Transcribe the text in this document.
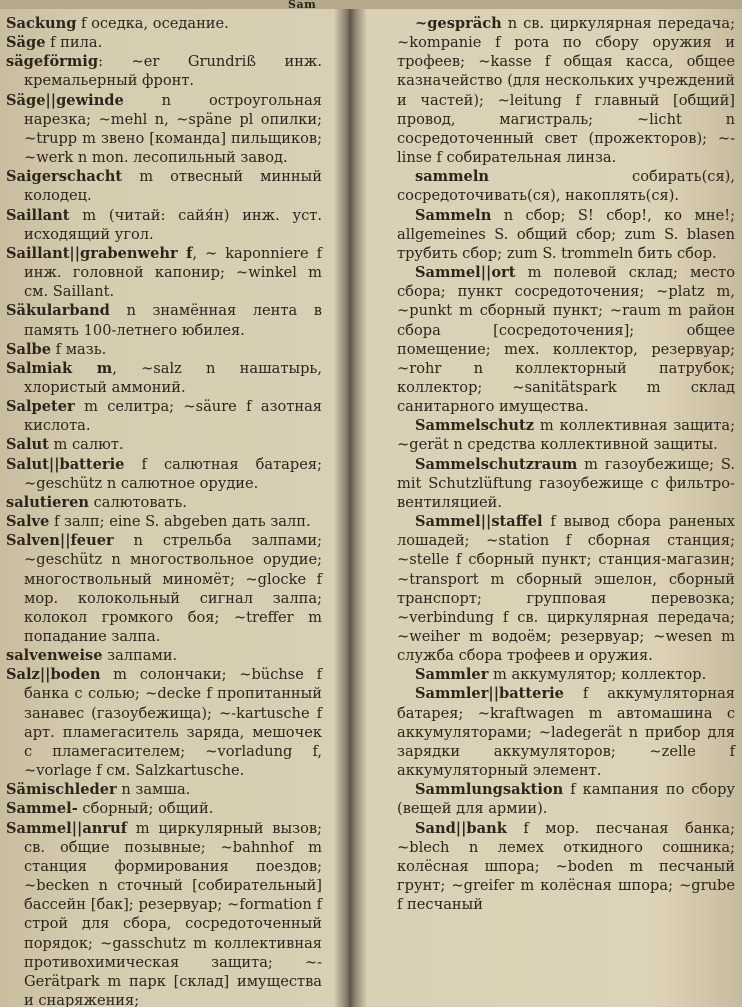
Sam

Sackung f оседка, оседание.

Säge f пила.

sägeförmig: ~er Grundriß инж. кремальерный фронт.

Säge||gewinde n остроугольная нарезка; ~mehl n, ~späne pl опилки; ~trupp m звено [команда] пильщиков; ~werk n mon. лесопильный завод.

Saigerschacht m отвесный минный колодец.

Saillant m (читай: сайя́н) инж. уст. исходящий угол.

Saillant||grabenwehr f, ~ kaponniere f инж. головной капонир; ~winkel m см. Saillant.

Säkularband n знамённая лента в память 100-летнего юбилея.

Salbe f мазь.

Salmiak m, ~salz n нашатырь, хлористый аммоний.

Salpeter m селитра; ~säure f азотная кислота.

Salut m салют.

Salut||batterie f салютная батарея; ~geschütz n салютное орудие.

salutieren салютовать.

Salve f залп; eine S. abgeben дать залп.

Salven||feuer n стрельба залпами; ~geschütz n многоствольное орудие; многоствольный миномёт; ~glocke f мор. колокольный сигнал залпа; колокол громкого боя; ~treffer m попадание залпа.

salvenweise залпами.

Salz||boden m солончаки; ~büchse f банка с солью; ~decke f пропитанный занавес (газоубежища); ~-kartusche f арт. пламегаситель заряда, мешочек с пламегасителем; ~vorladung f, ~vorlage f см. Salzkartusche.

Sämischleder n замша.

Sammel- сборный; общий.

Sammel||anruf m циркулярный вызов; св. общие позывные; ~bahnhof m станция формирования поездов; ~becken n сточный [собирательный] бассейн [бак]; резервуар; ~formation f строй для сбора, сосредоточенный порядок; ~gasschutz m коллективная противохимическая защита; ~-Gerätpark m парк [склад] имущества и снаряжения;

~gespräch n св. циркулярная передача; ~kompanie f рота по сбору оружия и трофеев; ~kasse f общая касса, общее казначейство (для нескольких учреждений и частей); ~leitung f главный [общий] провод, магистраль; ~licht n сосредоточенный свет (прожекторов); ~-linse f собирательная линза.

sammeln собирать(ся), сосредоточивать(ся), накоплять(ся).

Sammeln n сбор; S! сбор!, ко мне!; allgemeines S. общий сбор; zum S. blasen трубить сбор; zum S. trommeln бить сбор.

Sammel||ort m полевой склад; место сбора; пункт сосредоточения; ~platz m, ~punkt m сборный пункт; ~raum m район сбора [сосредоточения]; общее помещение; mex. коллектор, резервуар; ~rohr n коллекторный патрубок; коллектор; ~sanitätspark m склад санитарного имущества.

Sammelschutz m коллективная защита; ~gerät n средства коллективной защиты.

Sammelschutzraum m газоубежище; S. mit Schutzlüftung газоубежище с фильтро-вентиляцией.

Sammel||staffel f вывод сбора раненых лошадей; ~station f сборная станция; ~stelle f сборный пункт; станция-магазин; ~transport m сборный эшелон, сборный транспорт; групповая перевозка; ~verbindung f св. циркулярная передача; ~weiher m водоём; резервуар; ~wesen m служба сбора трофеев и оружия.

Sammler m аккумулятор; коллектор.

Sammler||batterie f аккумуляторная батарея; ~kraftwagen m автомашина с аккумуляторами; ~ladegerät n прибор для зарядки аккумуляторов; ~zelle f аккумуляторный элемент.

Sammlungsaktion f кампания по сбору (вещей для армии).

Sand||bank f мор. песчаная банка; ~blech n лемех откидного сошника; колёсная шпора; ~boden m песчаный грунт; ~greifer m колёсная шпора; ~grube f песчаный
